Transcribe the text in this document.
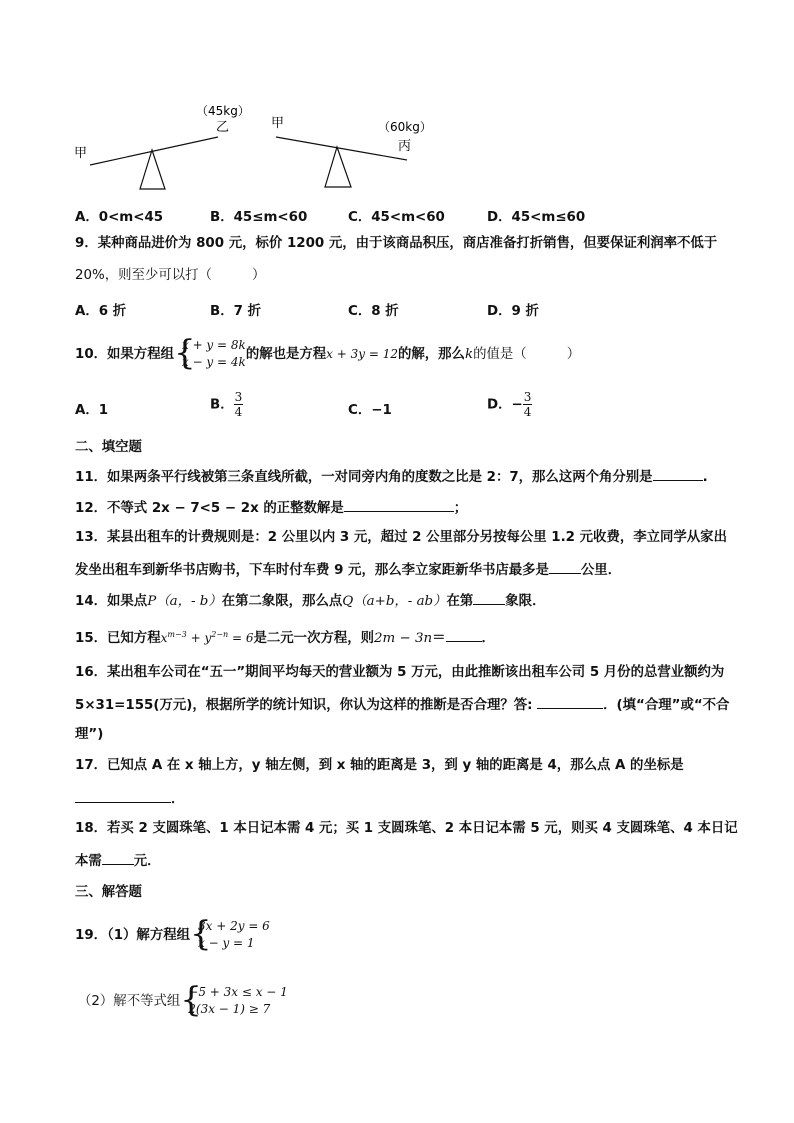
甲
（45kg）
乙	甲	（60kg）
丙
A．0<m<45	B．45≤m<60	C．45<m<60	D．45<m≤60
9．某种商品进价为 800 元，标价 1200 元，由于该商品积压，商店准备打折销售，但要保证利润率不低于
20%，则至少可以打（　　　）
A．6 折	B．7 折	C．8 折	D．9 折
10．如果方程组 {
x + y = 8k
x − y = 4k 的解也是方程x + 3y = 12的解，那么k的值是（　　　）
A．1	B． $\frac{3}{4}$	C．−1	D．− $\frac{3}{4}$
二、填空题
11．如果两条平行线被第三条直线所截，一对同旁内角的度数之比是 2：7，那么这两个角分别是	.
12．不等式 2x − 7<5 − 2x 的正整数解是	；
13．某县出租车的计费规则是：2 公里以内 3 元，超过 2 公里部分另按每公里 1.2 元收费，李立同学从家出
发坐出租车到新华书店购书，下车时付车费 9 元，那么李立家距新华书店最多是 公里．
14．如果点P（a，- b）在第二象限，那么点Q（a+b，- ab）在第 象限．
15．已知方程$x^{m-3} + y^{2-n} = 6$是二元一次方程，则2m − 3n＝	．
16．某出租车公司在“五一”期间平均每天的营业额为 5 万元，由此推断该出租车公司 5 月份的总营业额约为
5×31=155(万元)，根据所学的统计知识，你认为这样的推断是否合理？答:	．(填“合理”或“不合
理”)
17．已知点 A 在 x 轴上方，y 轴左侧，到 x 轴的距离是 3，到 y 轴的距离是 4，那么点 A 的坐标是
．
18．若买 2 支圆珠笔、1 本日记本需 4 元；买 1 支圆珠笔、2 本日记本需 5 元，则买 4 支圆珠笔、4 本日记
本需 元．
三、解答题
19．（1）解方程组 {
3x + 2y = 6
x − y = 1
（2）解不等式组 {
−5 + 3x ≤ x − 1
2(3x − 1) ≥ 7
